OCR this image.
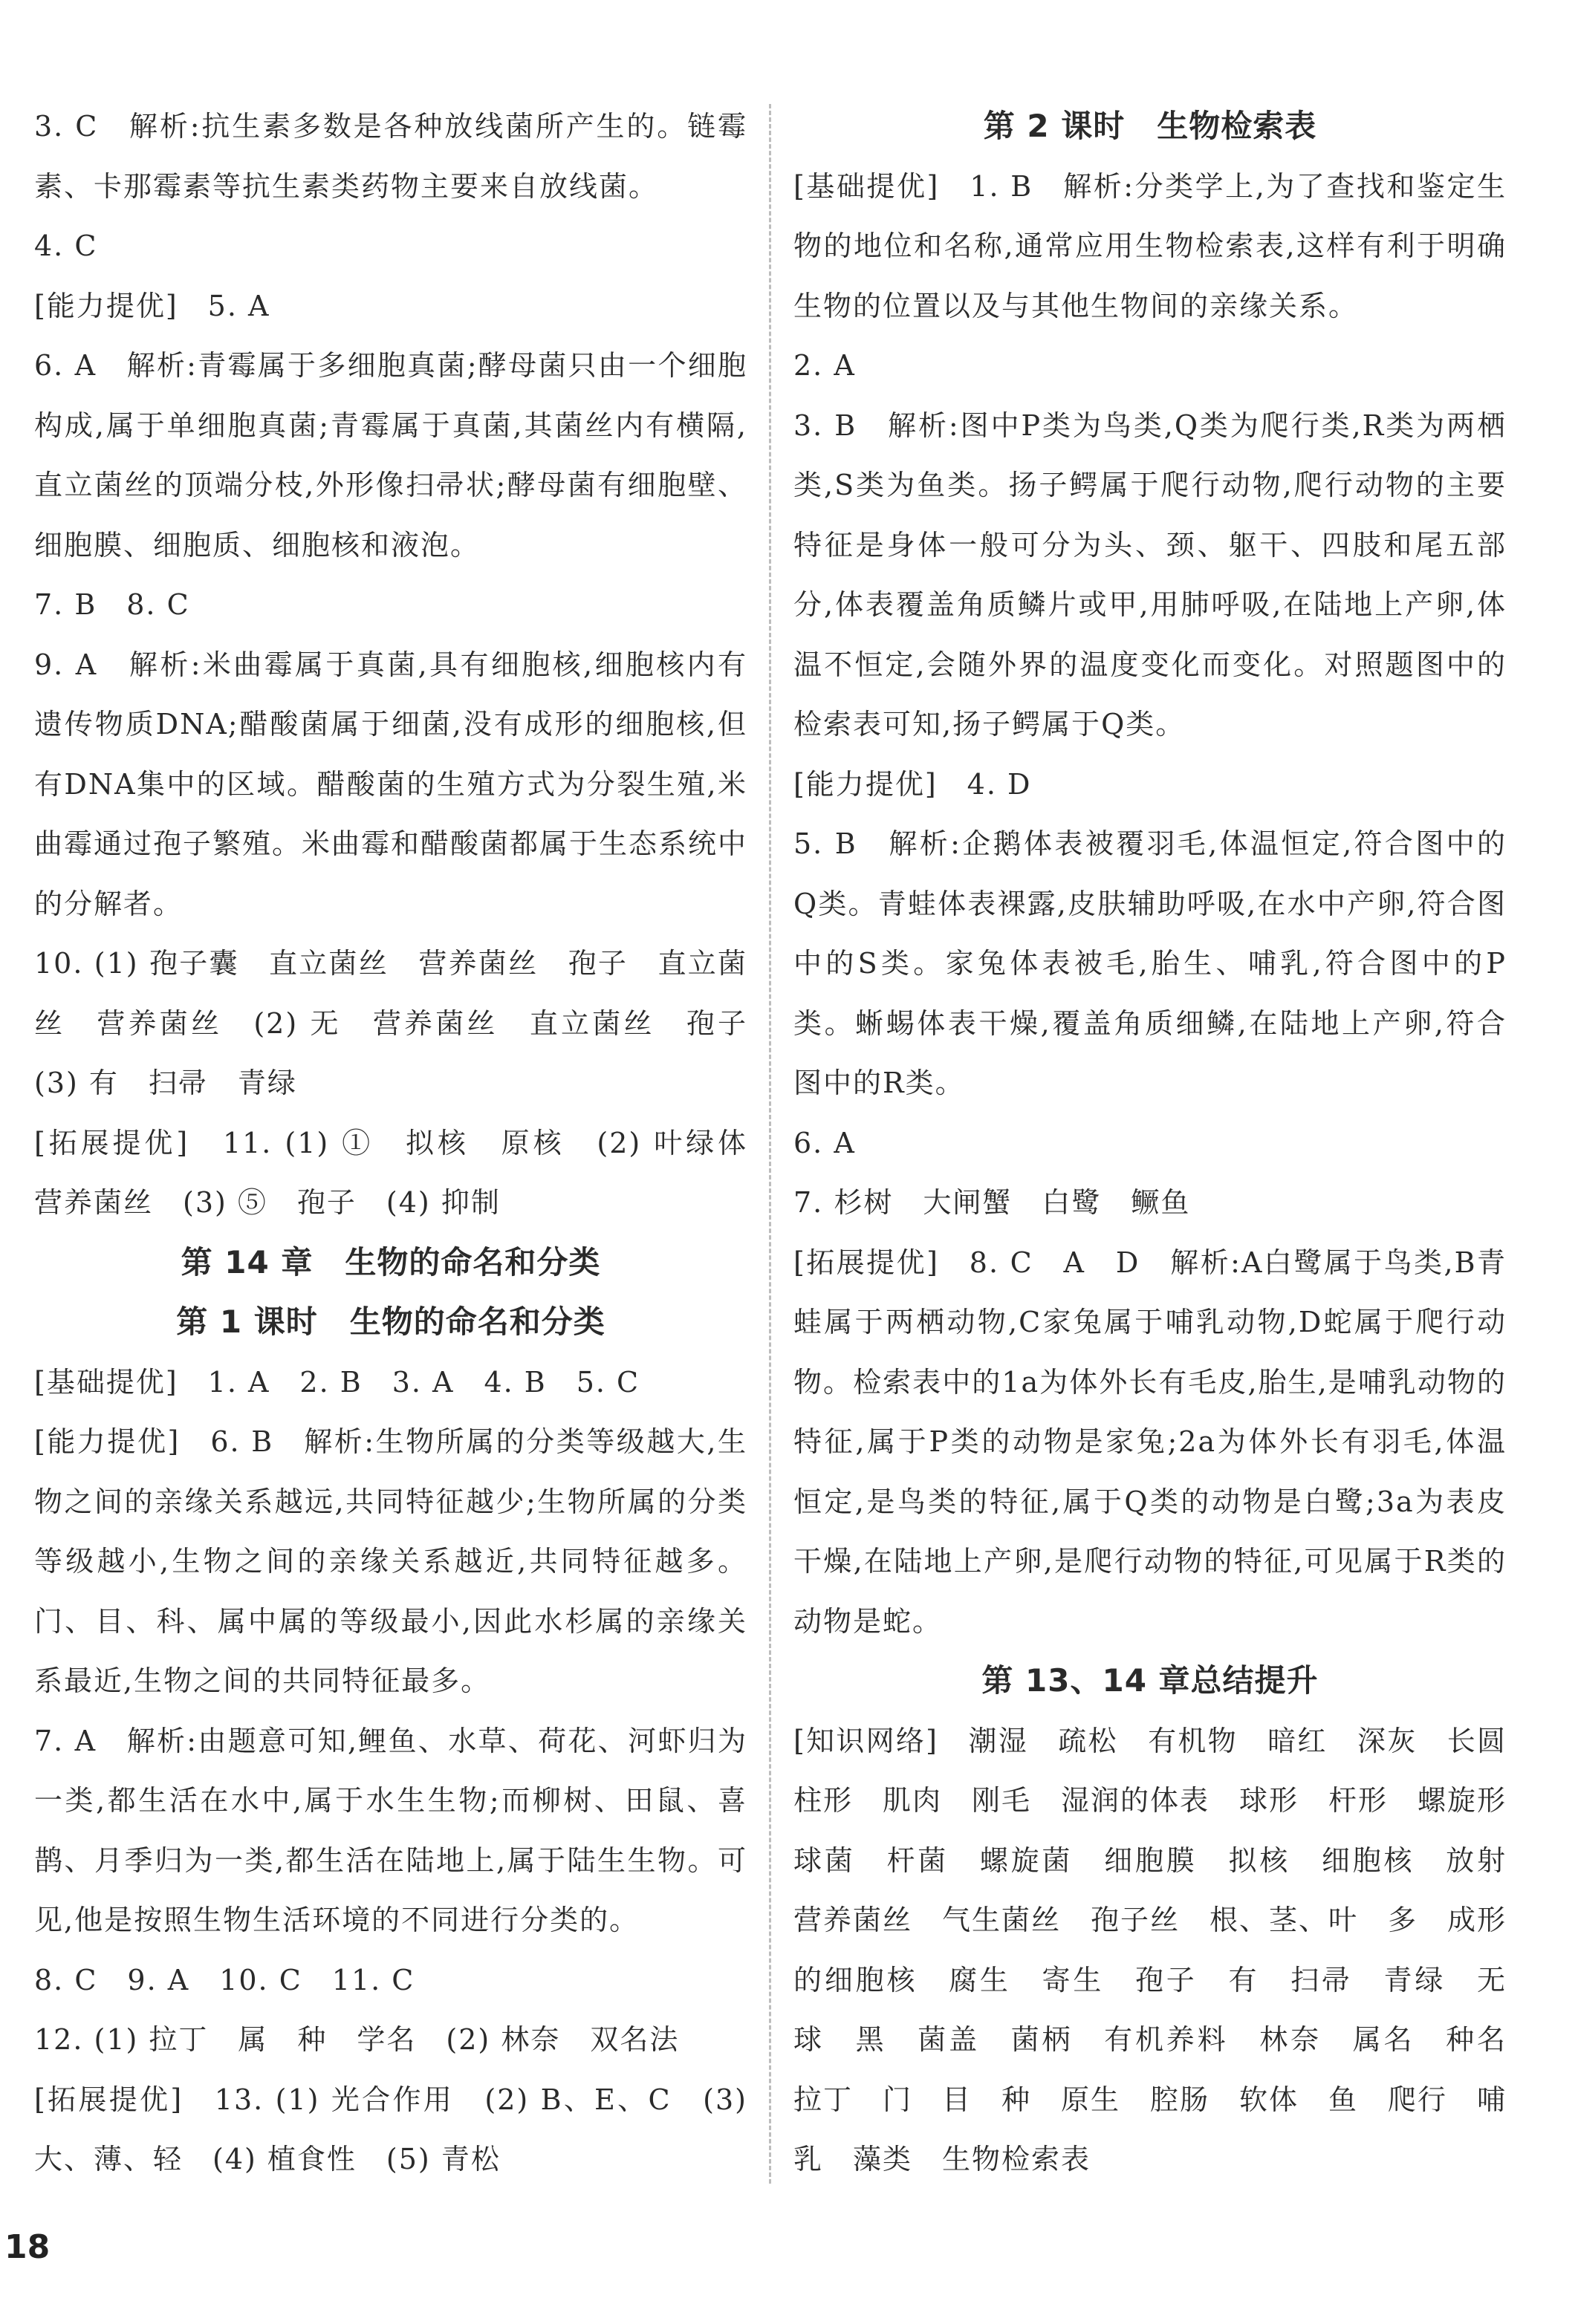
3. C　解析:抗生素多数是各种放线菌所产生的。链霉素、卡那霉素等抗生素类药物主要来自放线菌。

4. C

[能力提优]　5. A

6. A　解析:青霉属于多细胞真菌;酵母菌只由一个细胞构成,属于单细胞真菌;青霉属于真菌,其菌丝内有横隔,直立菌丝的顶端分枝,外形像扫帚状;酵母菌有细胞壁、细胞膜、细胞质、细胞核和液泡。

7. B　8. C

9. A　解析:米曲霉属于真菌,具有细胞核,细胞核内有遗传物质DNA;醋酸菌属于细菌,没有成形的细胞核,但有DNA集中的区域。醋酸菌的生殖方式为分裂生殖,米曲霉通过孢子繁殖。米曲霉和醋酸菌都属于生态系统中的分解者。

10. (1) 孢子囊　直立菌丝　营养菌丝　孢子　直立菌丝　营养菌丝　(2) 无　营养菌丝　直立菌丝　孢子　(3) 有　扫帚　青绿

[拓展提优]　11. (1) ①　拟核　原核　(2) 叶绿体　营养菌丝　(3) ⑤　孢子　(4) 抑制

第 14 章　生物的命名和分类
第 1 课时　生物的命名和分类

[基础提优]　1. A　2. B　3. A　4. B　5. C

[能力提优]　6. B　解析:生物所属的分类等级越大,生物之间的亲缘关系越远,共同特征越少;生物所属的分类等级越小,生物之间的亲缘关系越近,共同特征越多。门、目、科、属中属的等级最小,因此水杉属的亲缘关系最近,生物之间的共同特征最多。

7. A　解析:由题意可知,鲤鱼、水草、荷花、河虾归为一类,都生活在水中,属于水生生物;而柳树、田鼠、喜鹊、月季归为一类,都生活在陆地上,属于陆生生物。可见,他是按照生物生活环境的不同进行分类的。

8. C　9. A　10. C　11. C

12. (1) 拉丁　属　种　学名　(2) 林奈　双名法

[拓展提优]　13. (1) 光合作用　(2) B、E、C　(3) 大、薄、轻　(4) 植食性　(5) 青松

第 2 课时　生物检索表

[基础提优]　1. B　解析:分类学上,为了查找和鉴定生物的地位和名称,通常应用生物检索表,这样有利于明确生物的位置以及与其他生物间的亲缘关系。

2. A

3. B　解析:图中P类为鸟类,Q类为爬行类,R类为两栖类,S类为鱼类。扬子鳄属于爬行动物,爬行动物的主要特征是身体一般可分为头、颈、躯干、四肢和尾五部分,体表覆盖角质鳞片或甲,用肺呼吸,在陆地上产卵,体温不恒定,会随外界的温度变化而变化。对照题图中的检索表可知,扬子鳄属于Q类。

[能力提优]　4. D

5. B　解析:企鹅体表被覆羽毛,体温恒定,符合图中的Q类。青蛙体表裸露,皮肤辅助呼吸,在水中产卵,符合图中的S类。家兔体表被毛,胎生、哺乳,符合图中的P类。蜥蜴体表干燥,覆盖角质细鳞,在陆地上产卵,符合图中的R类。

6. A

7. 杉树　大闸蟹　白鹭　鳜鱼

[拓展提优]　8. C　A　D　解析:A白鹭属于鸟类,B青蛙属于两栖动物,C家兔属于哺乳动物,D蛇属于爬行动物。检索表中的1a为体外长有毛皮,胎生,是哺乳动物的特征,属于P类的动物是家兔;2a为体外长有羽毛,体温恒定,是鸟类的特征,属于Q类的动物是白鹭;3a为表皮干燥,在陆地上产卵,是爬行动物的特征,可见属于R类的动物是蛇。

第 13、14 章总结提升

[知识网络]　潮湿　疏松　有机物　暗红　深灰　长圆柱形　肌肉　刚毛　湿润的体表　球形　杆形　螺旋形　球菌　杆菌　螺旋菌　细胞膜　拟核　细胞核　放射　营养菌丝　气生菌丝　孢子丝　根、茎、叶　多　成形的细胞核　腐生　寄生　孢子　有　扫帚　青绿　无　球　黑　菌盖　菌柄　有机养料　林奈　属名　种名　拉丁　门　目　种　原生　腔肠　软体　鱼　爬行　哺乳　藻类　生物检索表

18
